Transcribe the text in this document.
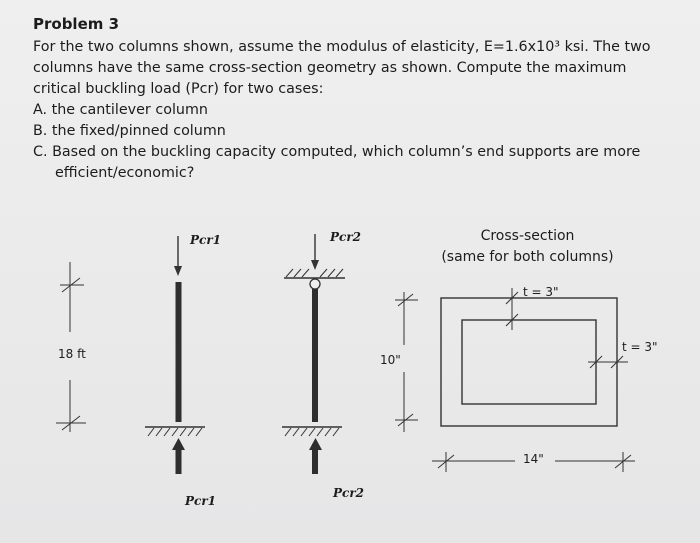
Problem 3
For the two columns shown, assume the modulus of elasticity, E=1.6x10³ ksi. The two
columns have the same cross-section geometry as shown. Compute the maximum
critical buckling load (Pcr) for two cases:
A. the cantilever column
B. the fixed/pinned column
C. Based on the buckling capacity computed, which column’s end supports are more
efficient/economic?
18 ft
Pcr1
Pcr1
Pcr2
Pcr2
Cross-section
(same for both columns)
10"
14"
t = 3"
t = 3"
